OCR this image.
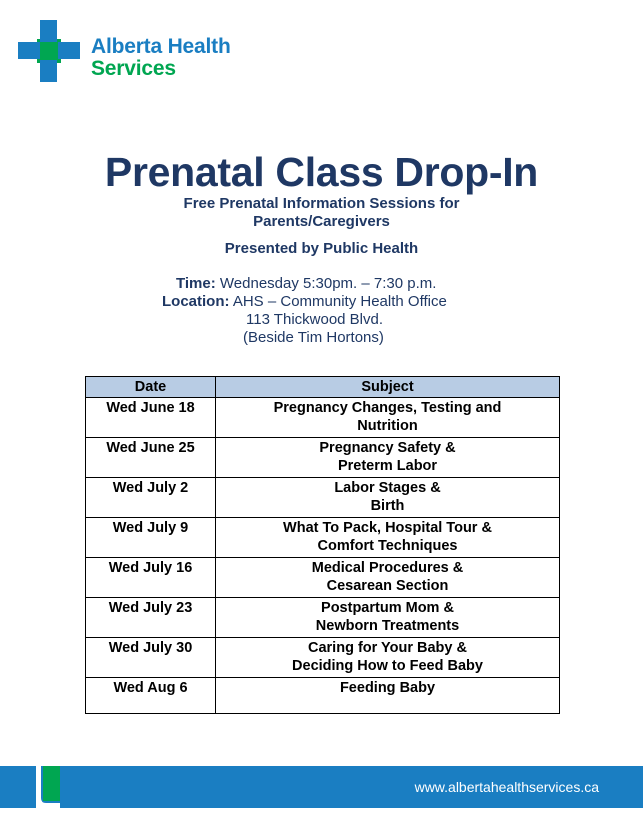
Alberta Health
Services
Prenatal Class Drop-In
Free Prenatal Information Sessions for
Parents/Caregivers
Presented by Public Health
Time: Wednesday 5:30pm. – 7:30 p.m.
Location: AHS – Community Health Office
113 Thickwood Blvd.
(Beside Tim Hortons)
Date	Subject
Wed June 18	Pregnancy Changes, Testing and
Nutrition

Wed June 25	Pregnancy Safety &
Preterm Labor

Wed July 2	Labor Stages &
Birth

Wed July 9	What To Pack, Hospital Tour &
Comfort Techniques

Wed July 16	Medical Procedures &
Cesarean Section

Wed July 23	Postpartum Mom &
Newborn Treatments

Wed July 30	Caring for Your Baby &
Deciding How to Feed Baby

Wed Aug 6	Feeding Baby
www.albertahealthservices.ca
